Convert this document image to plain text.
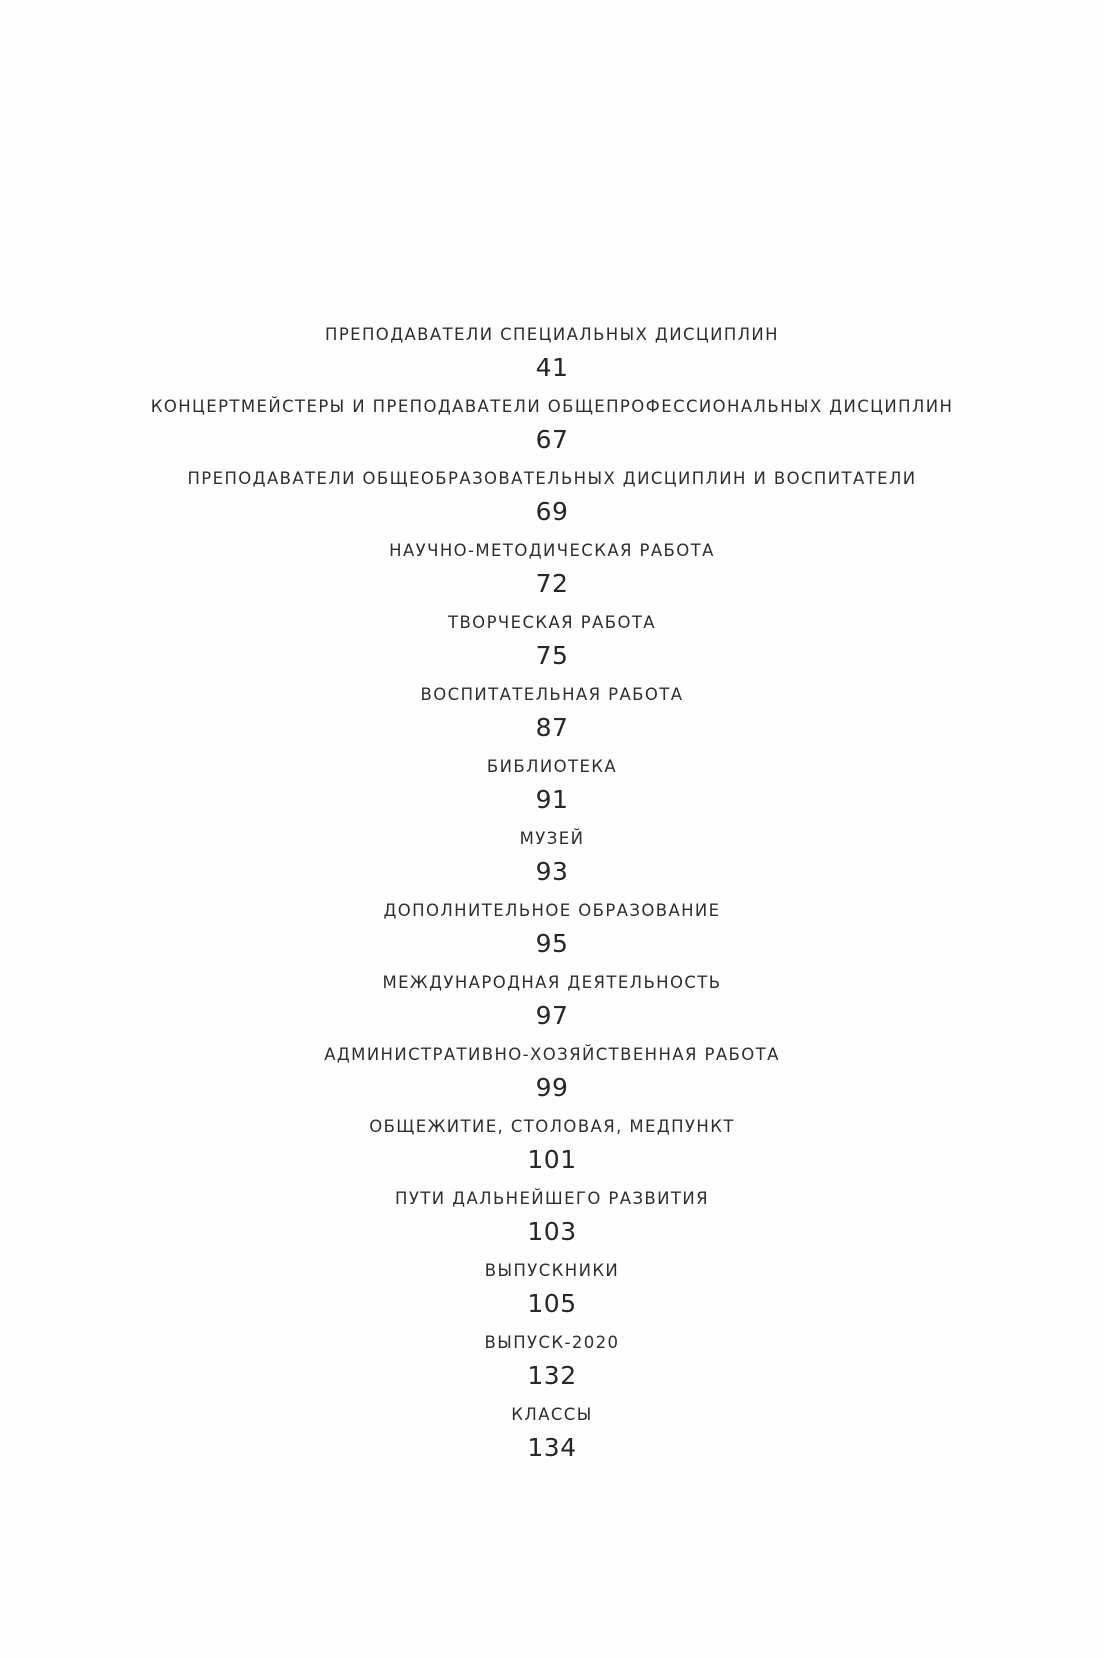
ПРЕПОДАВАТЕЛИ СПЕЦИАЛЬНЫХ ДИСЦИПЛИН
41
КОНЦЕРТМЕЙСТЕРЫ И ПРЕПОДАВАТЕЛИ ОБЩЕПРОФЕССИОНАЛЬНЫХ ДИСЦИПЛИН
67
ПРЕПОДАВАТЕЛИ ОБЩЕОБРАЗОВАТЕЛЬНЫХ ДИСЦИПЛИН И ВОСПИТАТЕЛИ
69
НАУЧНО-МЕТОДИЧЕСКАЯ РАБОТА
72
ТВОРЧЕСКАЯ РАБОТА
75
ВОСПИТАТЕЛЬНАЯ РАБОТА
87
БИБЛИОТЕКА
91
МУЗЕЙ
93
ДОПОЛНИТЕЛЬНОЕ ОБРАЗОВАНИЕ
95
МЕЖДУНАРОДНАЯ ДЕЯТЕЛЬНОСТЬ
97
АДМИНИСТРАТИВНО-ХОЗЯЙСТВЕННАЯ РАБОТА
99
ОБЩЕЖИТИЕ, СТОЛОВАЯ, МЕДПУНКТ
101
ПУТИ ДАЛЬНЕЙШЕГО РАЗВИТИЯ
103
ВЫПУСКНИКИ
105
ВЫПУСК-2020
132
КЛАССЫ
134
